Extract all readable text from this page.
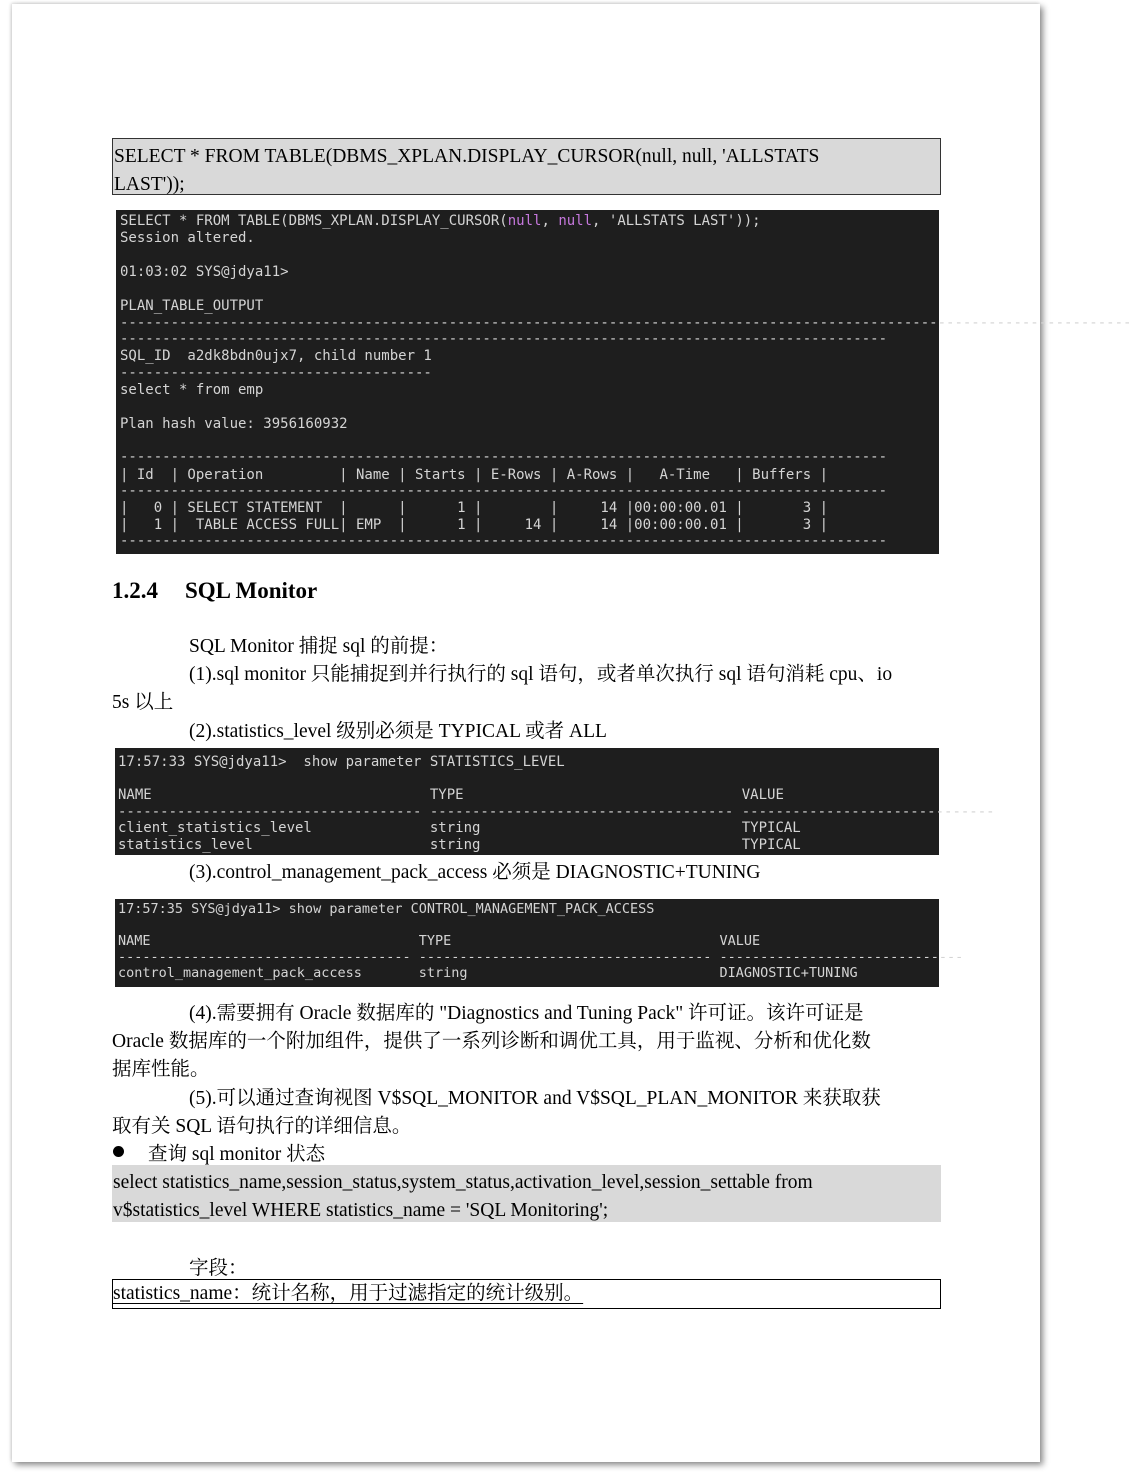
SELECT * FROM TABLE(DBMS_XPLAN.DISPLAY_CURSOR(null, null, 'ALLSTATS
LAST'));
SELECT * FROM TABLE(DBMS_XPLAN.DISPLAY_CURSOR(null, null, 'ALLSTATS LAST'));
Session altered.
01:03:02 SYS@jdya11>
PLAN_TABLE_OUTPUT
------------------------------------------------------------------------------------------------------------------------
-------------------------------------------------------------------------------------------
SQL_ID  a2dk8bdn0ujx7, child number 1
-------------------------------------
select * from emp
Plan hash value: 3956160932
-------------------------------------------------------------------------------------------
| Id  | Operation         | Name | Starts | E-Rows | A-Rows |   A-Time   | Buffers |
-------------------------------------------------------------------------------------------
|   0 | SELECT STATEMENT  |      |      1 |        |     14 |00:00:00.01 |       3 |
|   1 |  TABLE ACCESS FULL| EMP  |      1 |     14 |     14 |00:00:00.01 |       3 |
-------------------------------------------------------------------------------------------
1.2.4 SQL Monitor
SQL Monitor 捕捉 sql 的前提：
(1).sql monitor 只能捕捉到并行执行的 sql 语句，或者单次执行 sql 语句消耗 cpu、io
5s 以上
(2).statistics_level 级别必须是 TYPICAL 或者 ALL
17:57:33 SYS@jdya11>  show parameter STATISTICS_LEVEL
NAME                                 TYPE                                 VALUE
------------------------------------ ------------------------------------ ------------------------------
client_statistics_level              string                               TYPICAL
statistics_level                     string                               TYPICAL
(3).control_management_pack_access 必须是 DIAGNOSTIC+TUNING
17:57:35 SYS@jdya11> show parameter CONTROL_MANAGEMENT_PACK_ACCESS
NAME                                 TYPE                                 VALUE
------------------------------------ ------------------------------------ ------------------------------
control_management_pack_access       string                               DIAGNOSTIC+TUNING
(4).需要拥有 Oracle 数据库的 "Diagnostics and Tuning Pack" 许可证。该许可证是
Oracle 数据库的一个附加组件，提供了一系列诊断和调优工具，用于监视、分析和优化数
据库性能。
(5).可以通过查询视图 V$SQL_MONITOR and V$SQL_PLAN_MONITOR 来获取获
取有关 SQL 语句执行的详细信息。
查询 sql monitor 状态
select statistics_name,session_status,system_status,activation_level,session_settable from
v$statistics_level WHERE statistics_name = 'SQL Monitoring';
字段：
statistics_name：统计名称，用于过滤指定的统计级别。
